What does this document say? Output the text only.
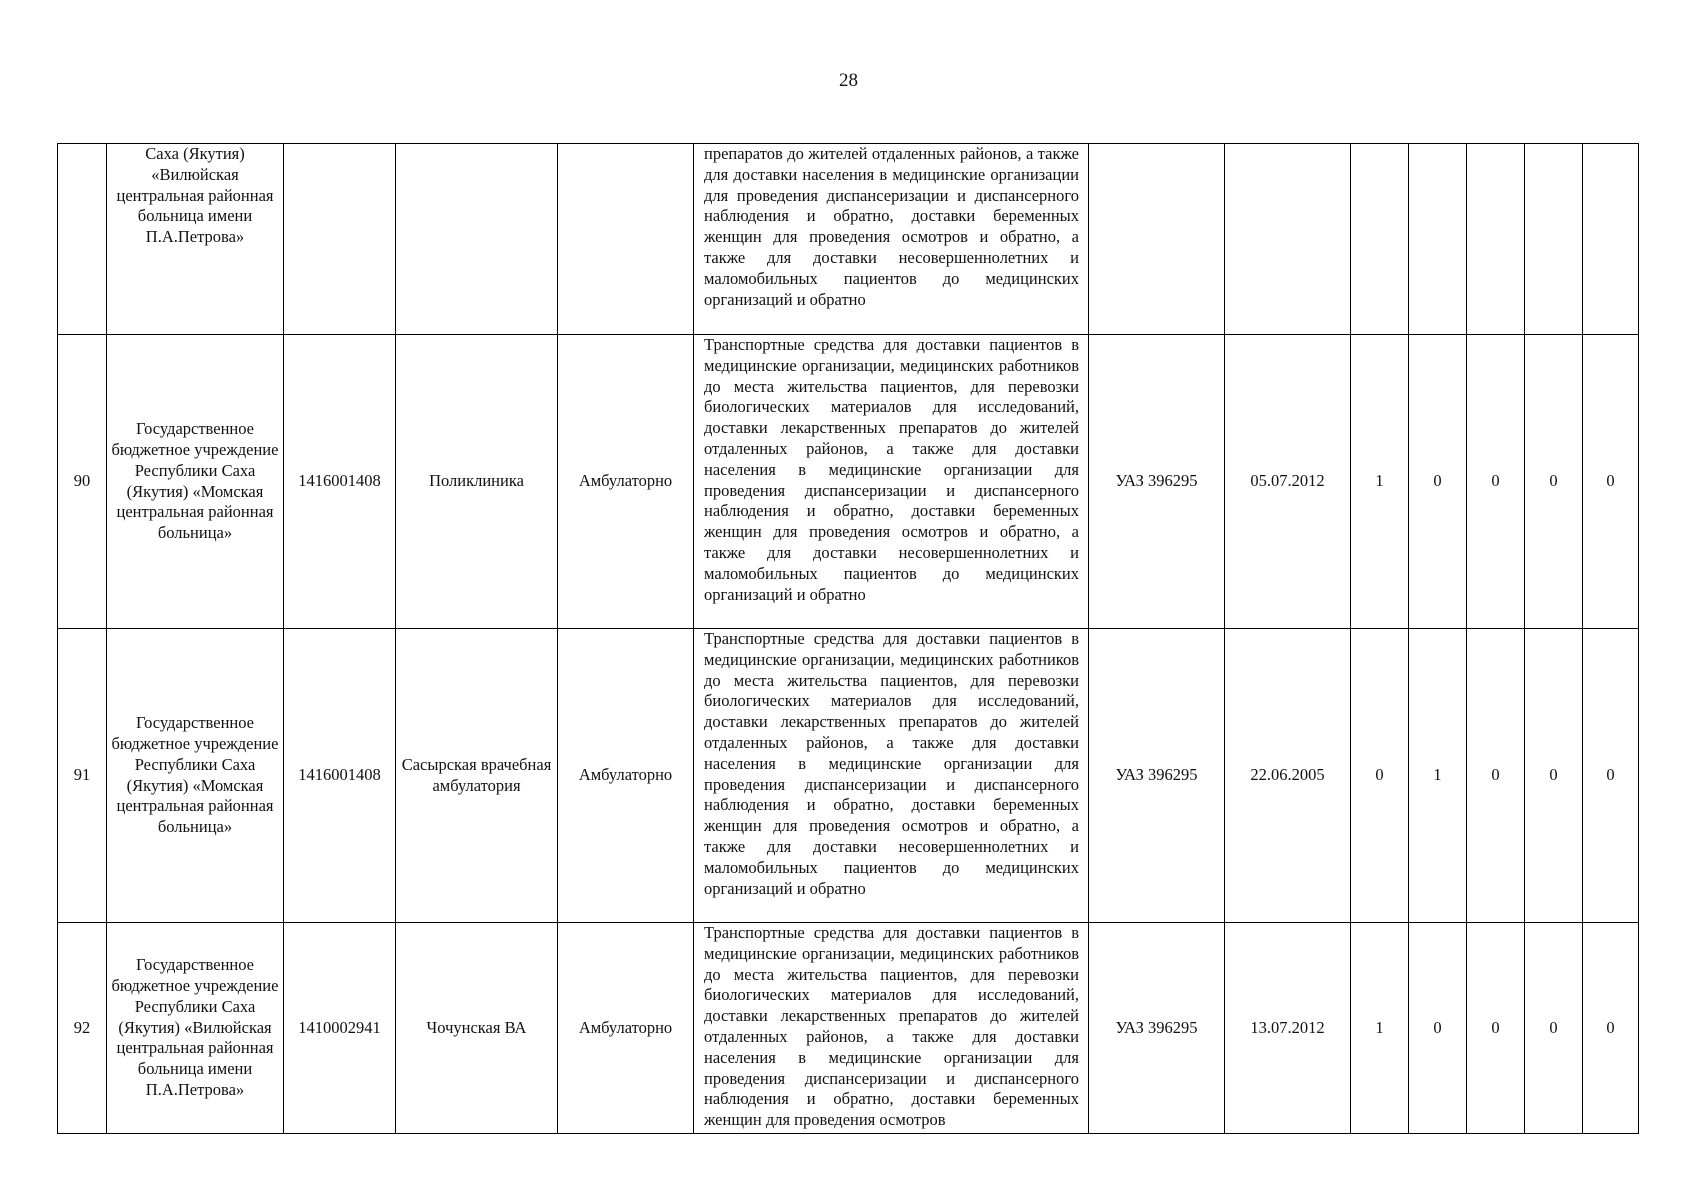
28
	Саха (Якутия) «Вилюйская центральная районная больница имени П.А.Петрова»				препаратов до жителей отдаленных районов, а также для доставки населения в медицинские организации для проведения диспансеризации и диспансерного наблюдения и обратно, доставки беременных женщин для проведения осмотров и обратно, а также для доставки несовершеннолетних и маломобильных пациентов до медицинских организаций и обратно							
90	Государственное бюджетное учреждение Республики Саха (Якутия) «Момская центральная районная больница»	1416001408	Поликлиника	Амбулаторно	Транспортные средства для доставки пациентов в медицинские организации, медицинских работников до места жительства пациентов, для перевозки биологических материалов для исследований, доставки лекарственных препаратов до жителей отдаленных районов, а также для доставки населения в медицинские организации для проведения диспансеризации и диспансерного наблюдения и обратно, доставки беременных женщин для проведения осмотров и обратно, а также для доставки несовершеннолетних и маломобильных пациентов до медицинских организаций и обратно	УАЗ 396295	05.07.2012	1	0	0	0	0
91	Государственное бюджетное учреждение Республики Саха (Якутия) «Момская центральная районная больница»	1416001408	Сасырская врачебная амбулатория	Амбулаторно	Транспортные средства для доставки пациентов в медицинские организации, медицинских работников до места жительства пациентов, для перевозки биологических материалов для исследований, доставки лекарственных препаратов до жителей отдаленных районов, а также для доставки населения в медицинские организации для проведения диспансеризации и диспансерного наблюдения и обратно, доставки беременных женщин для проведения осмотров и обратно, а также для доставки несовершеннолетних и маломобильных пациентов до медицинских организаций и обратно	УАЗ 396295	22.06.2005	0	1	0	0	0
92	Государственное бюджетное учреждение Республики Саха (Якутия) «Вилюйская центральная районная больница имени П.А.Петрова»	1410002941	Чочунская ВА	Амбулаторно	Транспортные средства для доставки пациентов в медицинские организации, медицинских работников до места жительства пациентов, для перевозки биологических материалов для исследований, доставки лекарственных препаратов до жителей отдаленных районов, а также для доставки населения в медицинские организации для проведения диспансеризации и диспансерного наблюдения и обратно, доставки беременных женщин для проведения осмотров	УАЗ 396295	13.07.2012	1	0	0	0	0
